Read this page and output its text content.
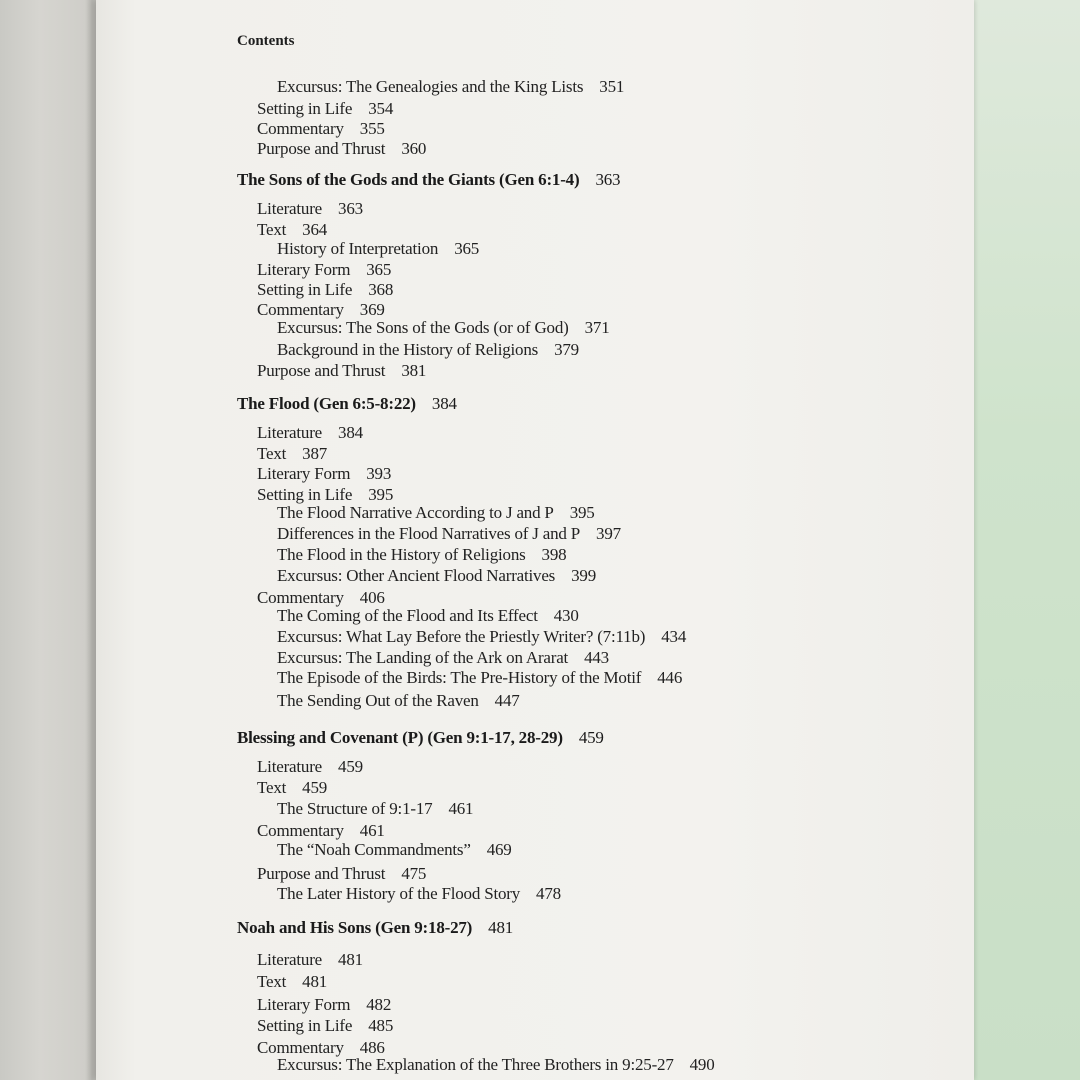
Contents
Excursus: The Genealogies and the King Lists 351
Setting in Life 354
Commentary 355
Purpose and Thrust 360
The Sons of the Gods and the Giants (Gen 6:1-4) 363
Literature 363
Text 364
History of Interpretation 365
Literary Form 365
Setting in Life 368
Commentary 369
Excursus: The Sons of the Gods (or of God) 371
Background in the History of Religions 379
Purpose and Thrust 381
The Flood (Gen 6:5-8:22) 384
Literature 384
Text 387
Literary Form 393
Setting in Life 395
The Flood Narrative According to J and P 395
Differences in the Flood Narratives of J and P 397
The Flood in the History of Religions 398
Excursus: Other Ancient Flood Narratives 399
Commentary 406
The Coming of the Flood and Its Effect 430
Excursus: What Lay Before the Priestly Writer? (7:11b) 434
Excursus: The Landing of the Ark on Ararat 443
The Episode of the Birds: The Pre-History of the Motif 446
The Sending Out of the Raven 447
Blessing and Covenant (P) (Gen 9:1-17, 28-29) 459
Literature 459
Text 459
The Structure of 9:1-17 461
Commentary 461
The “Noah Commandments” 469
Purpose and Thrust 475
The Later History of the Flood Story 478
Noah and His Sons (Gen 9:18-27) 481
Literature 481
Text 481
Literary Form 482
Setting in Life 485
Commentary 486
Excursus: The Explanation of the Three Brothers in 9:25-27 490
